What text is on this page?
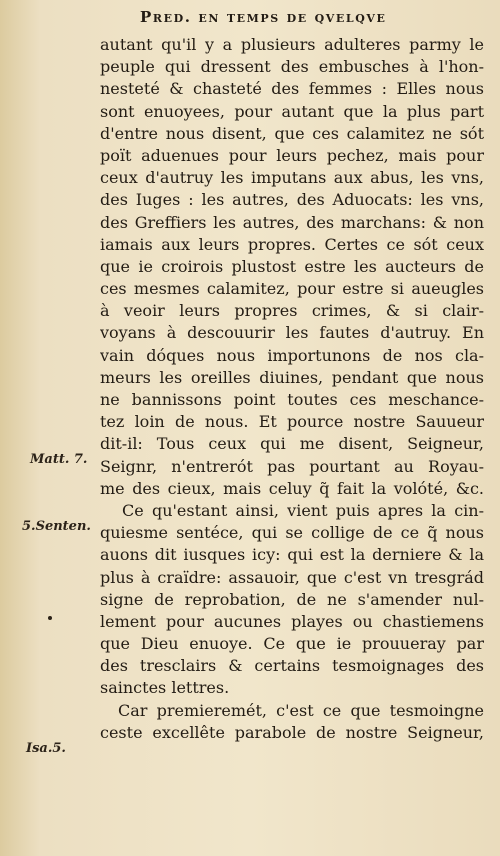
Pred. en temps de qvelqve
autant qu'il y a plusieurs adulteres parmy le
peuple qui dressent des embusches à l'hon-
nesteté & chasteté des femmes : Elles nous
sont enuoyees, pour autant que la plus part
d'entre nous disent, que ces calamitez ne sót
poït aduenues pour leurs pechez, mais pour
ceux d'autruy les imputans aux abus, les vns,
des Iuges : les autres, des Aduocats: les vns,
des Greffiers les autres, des marchans: & non
iamais aux leurs propres. Certes ce sót ceux
que ie croirois plustost estre les aucteurs de
ces mesmes calamitez, pour estre si aueugles
à veoir leurs propres crimes, & si clair-
voyans à descouurir les fautes d'autruy. En
vain dóques nous importunons de nos cla-
meurs les oreilles diuines, pendant que nous
ne bannissons point toutes ces meschance-
tez loin de nous. Et pource nostre Sauueur
dit-il: Tous ceux qui me disent, Seigneur,
Seignr, n'entrerót pas pourtant au Royau-
me des cieux, mais celuy q̃ fait la volóté, &c.
Ce qu'estant ainsi, vient puis apres la cin-
quiesme sentéce, qui se collige de ce q̃ nous
auons dit iusques icy: qui est la derniere & la
plus à craïdre: assauoir, que c'est vn tresgrád
signe de reprobation, de ne s'amender nul-
lement pour aucunes playes ou chastiemens
que Dieu enuoye. Ce que ie prouueray par
des tresclairs & certains tesmoignages des
sainctes lettres.
Car premieremét, c'est ce que tesmoingne
ceste excellête parabole de nostre Seigneur,
Matt. 7.
5.Senten.
Isa.5.
